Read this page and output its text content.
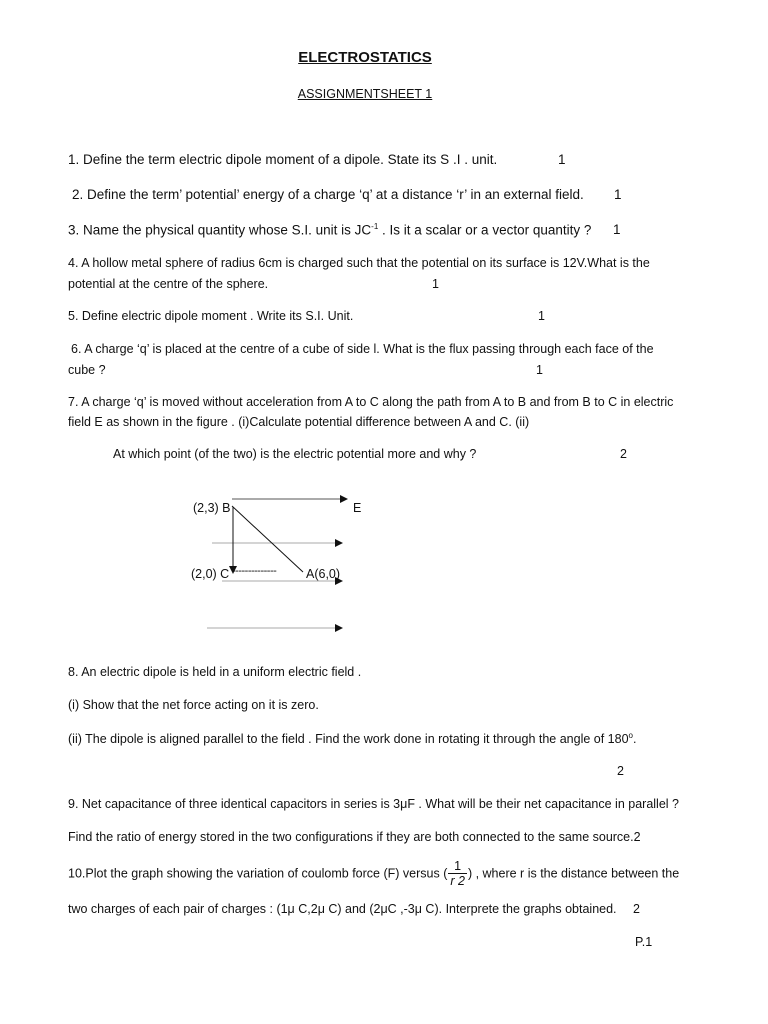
ELECTROSTATICS
ASSIGNMENTSHEET 1
1. Define the term electric dipole moment of a dipole. State its S .I . unit.	1
2. Define the term’ potential’ energy of a charge ‘q’ at a distance ‘r’ in an external field. 1
3. Name the physical quantity whose S.I. unit is $JC^{-1}$ . Is it a scalar or a vector quantity ? 1
4. A hollow metal sphere of radius 6cm is charged such that the potential on its surface is 12V.What is the
potential at the centre of the sphere.	1
5. Define electric dipole moment . Write its S.I. Unit.	1
6. A charge ‘q’ is placed at the centre of a cube of side l. What is the flux passing through each face of the
cube ?	1
7. A charge ‘q’ is moved without acceleration from A to C along the path from A to B and from B to C in electric
field E as shown in the figure . (i)Calculate potential difference between A and C. (ii)
At which point (of the two) is the electric potential more and why ?	2
(2,3) B	E
(2,0) C -------------- A(6,0)
8. An electric dipole is held in a uniform electric field .
(i) Show that the net force acting on it is zero.
(ii) The dipole is aligned parallel to the field . Find the work done in rotating it through the angle of 180$^o$.
2
9. Net capacitance of three identical capacitors in series is 3μF . What will be their net capacitance in parallel ?
Find the ratio of energy stored in the two configurations if they are both connected to the same source.2
10.Plot the graph showing the variation of coulomb force (F) versus ( $\frac{1}{r 2}$ ) , where r is the distance between the
two charges of each pair of charges : (1μ C,2μ C) and (2μC ,-3μ C). Interprete the graphs obtained. 2
P.1
